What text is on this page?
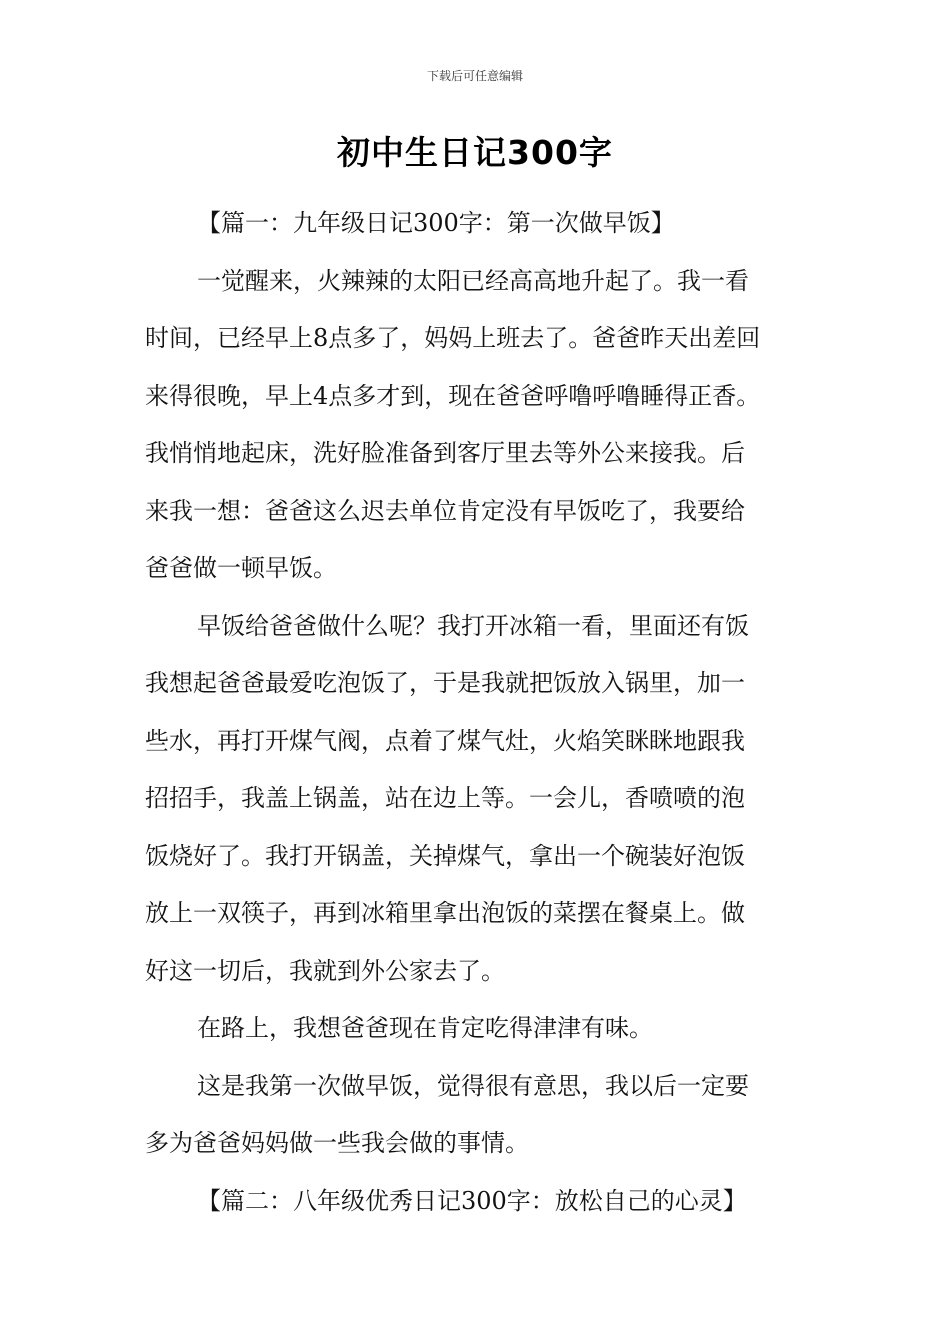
下载后可任意编辑
初中生日记300字
【篇一：九年级日记300字：第一次做早饭】
一觉醒来，火辣辣的太阳已经高高地升起了。我一看
时间，已经早上8点多了，妈妈上班去了。爸爸昨天出差回
来得很晚，早上4点多才到，现在爸爸呼噜呼噜睡得正香。
我悄悄地起床，洗好脸准备到客厅里去等外公来接我。后
来我一想：爸爸这么迟去单位肯定没有早饭吃了，我要给
爸爸做一顿早饭。
早饭给爸爸做什么呢？我打开冰箱一看，里面还有饭
我想起爸爸最爱吃泡饭了，于是我就把饭放入锅里，加一
些水，再打开煤气阀，点着了煤气灶，火焰笑眯眯地跟我
招招手，我盖上锅盖，站在边上等。一会儿，香喷喷的泡
饭烧好了。我打开锅盖，关掉煤气，拿出一个碗装好泡饭
放上一双筷子，再到冰箱里拿出泡饭的菜摆在餐桌上。做
好这一切后，我就到外公家去了。
在路上，我想爸爸现在肯定吃得津津有味。
这是我第一次做早饭，觉得很有意思，我以后一定要
多为爸爸妈妈做一些我会做的事情。
【篇二：八年级优秀日记300字：放松自己的心灵】
